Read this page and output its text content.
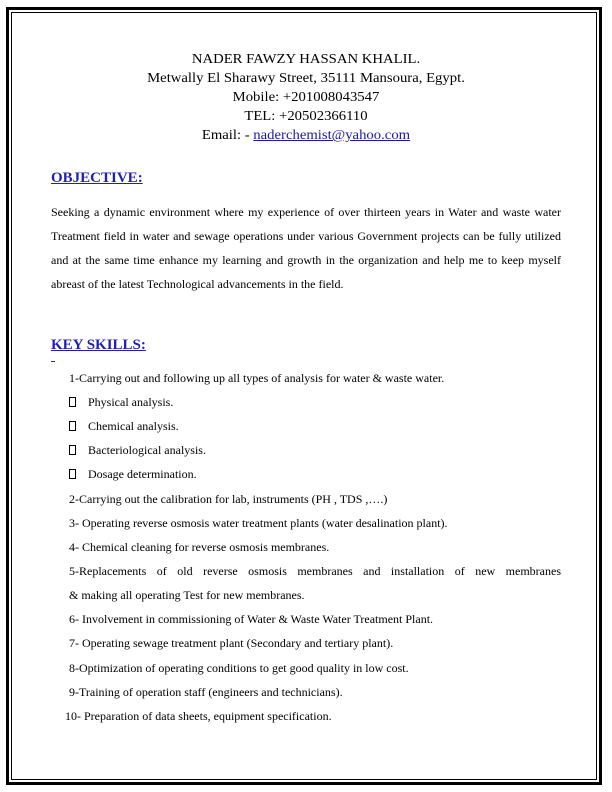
NADER FAWZY HASSAN KHALIL.
Metwally El Sharawy Street, 35111 Mansoura, Egypt.
Mobile: +201008043547
TEL: +20502366110
Email: - naderchemist@yahoo.com
OBJECTIVE:
Seeking a dynamic environment where my experience of over thirteen years in Water and waste water Treatment field in water and sewage operations under various Government projects can be fully utilized and at the same time enhance my learning and growth in the organization and help me to keep myself abreast of the latest Technological advancements in the field.
KEY SKILLS:
1-Carrying out and following up all types of analysis for water & waste water.
Physical analysis.
Chemical analysis.
Bacteriological analysis.
Dosage determination.
2-Carrying out the calibration for lab, instruments (PH , TDS ,….)
3- Operating reverse osmosis water treatment plants (water desalination plant).
4- Chemical cleaning for reverse osmosis membranes.
5-Replacements of old reverse osmosis membranes and installation of new membranes
& making all operating Test for new membranes.
6- Involvement in commissioning of Water & Waste Water Treatment Plant.
7- Operating sewage treatment plant (Secondary and tertiary plant).
8-Optimization of operating conditions to get good quality in low cost.
9-Training of operation staff (engineers and technicians).
10- Preparation of data sheets, equipment specification.
